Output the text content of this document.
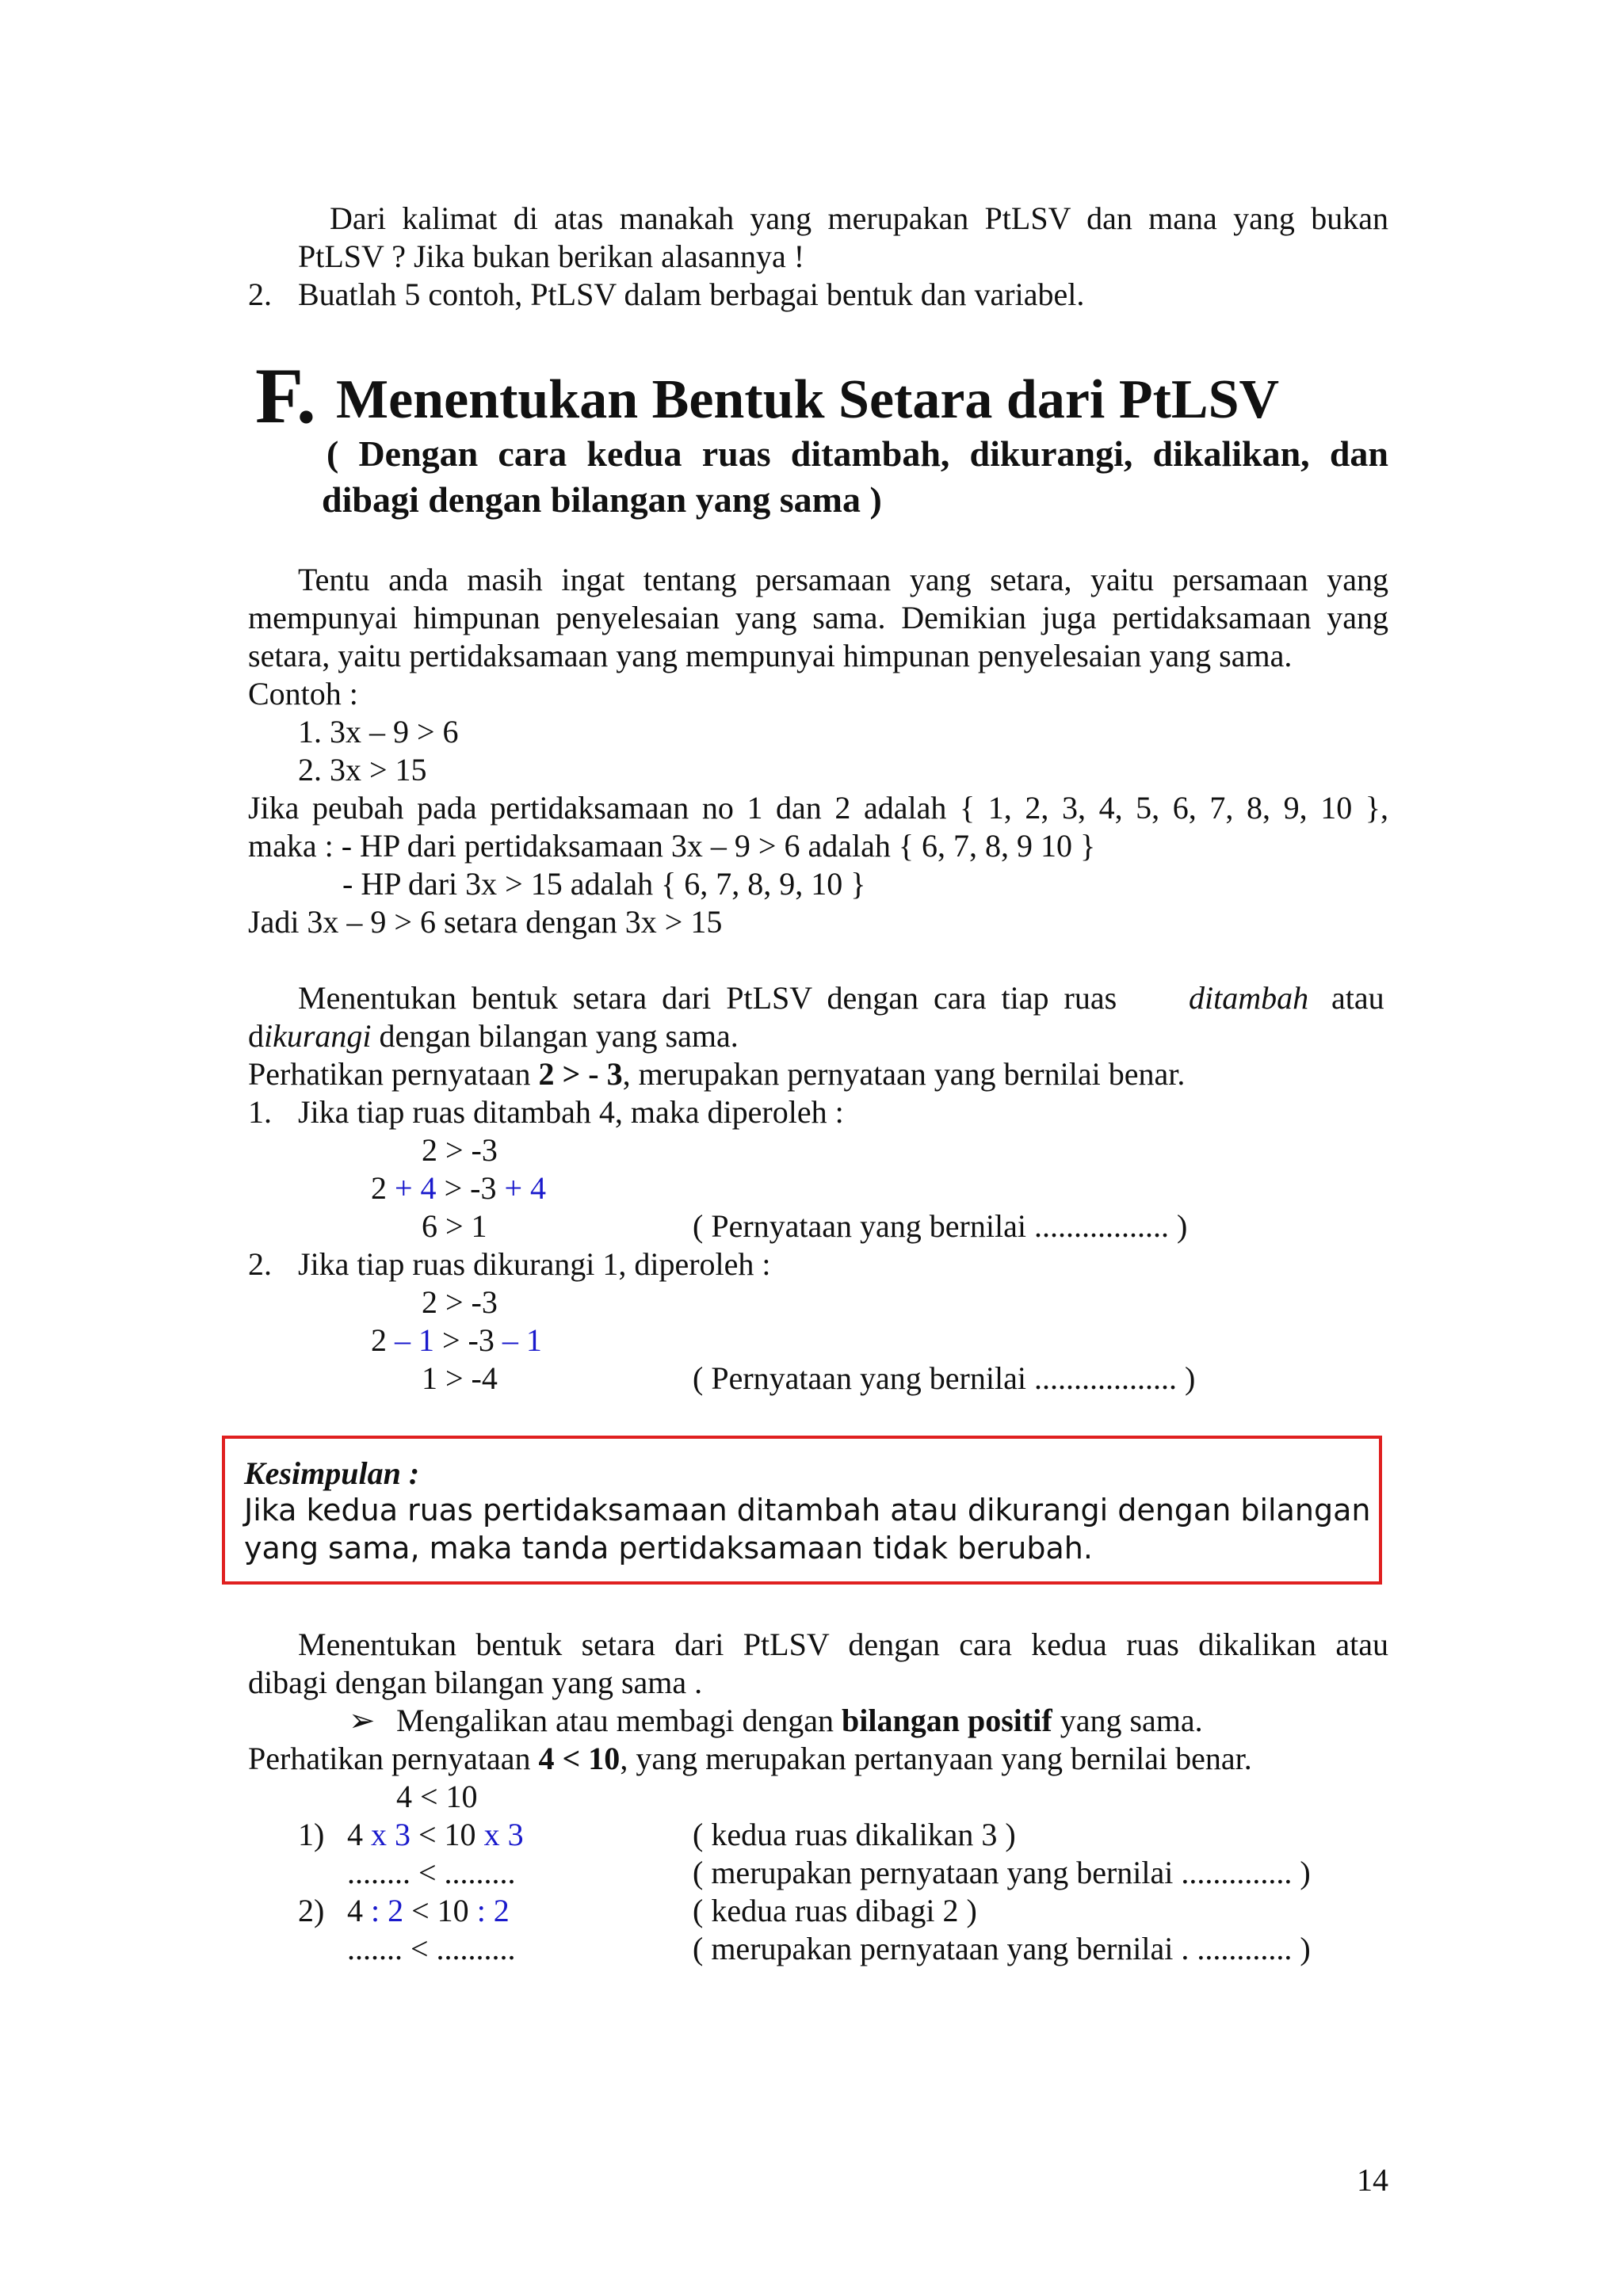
Dari kalimat di atas manakah yang merupakan PtLSV dan mana yang bukan
PtLSV ? Jika bukan berikan alasannya !
2. Buatlah 5 contoh, PtLSV dalam berbagai bentuk dan variabel.
F. Menentukan Bentuk Setara dari PtLSV
( Dengan cara kedua ruas ditambah, dikurangi, dikalikan, dan
dibagi dengan bilangan yang sama )
Tentu anda masih ingat tentang persamaan yang setara, yaitu persamaan yang
mempunyai himpunan penyelesaian yang sama. Demikian juga pertidaksamaan yang
setara, yaitu pertidaksamaan yang mempunyai himpunan penyelesaian yang sama.
Contoh :
1. 3x – 9 > 6
2. 3x > 15
Jika peubah pada pertidaksamaan no 1 dan 2 adalah { 1, 2, 3, 4, 5, 6, 7, 8, 9, 10 },
maka : - HP dari pertidaksamaan 3x – 9 > 6 adalah { 6, 7, 8, 9 10 }
- HP dari 3x > 15 adalah { 6, 7, 8, 9, 10 }
Jadi 3x – 9 > 6 setara dengan 3x > 15
Menentukan bentuk setara dari PtLSV dengan cara tiap ruas ditambah atau
dikurangi dengan bilangan yang sama.
Perhatikan pernyataan 2 > - 3, merupakan pernyataan yang bernilai benar.
1. Jika tiap ruas ditambah 4, maka diperoleh :
2 > -3
2 + 4 > -3 + 4
6 > 1	( Pernyataan yang bernilai ................. )
2. Jika tiap ruas dikurangi 1, diperoleh :
2 > -3
2 – 1 > -3 – 1
1 > -4	( Pernyataan yang bernilai .................. )
Kesimpulan :
Jika kedua ruas pertidaksamaan ditambah atau dikurangi dengan bilangan
yang sama, maka tanda pertidaksamaan tidak berubah.
Menentukan bentuk setara dari PtLSV dengan cara kedua ruas dikalikan atau
dibagi dengan bilangan yang sama .
➢ Mengalikan atau membagi dengan bilangan positif yang sama.
Perhatikan pernyataan 4 < 10, yang merupakan pertanyaan yang bernilai benar.
4 < 10
1) 4 x 3 < 10 x 3	( kedua ruas dikalikan 3 )
........ < .........	( merupakan pernyataan yang bernilai .............. )
2) 4 : 2 < 10 : 2	( kedua ruas dibagi 2 )
....... < ..........	( merupakan pernyataan yang bernilai . ............ )
14
